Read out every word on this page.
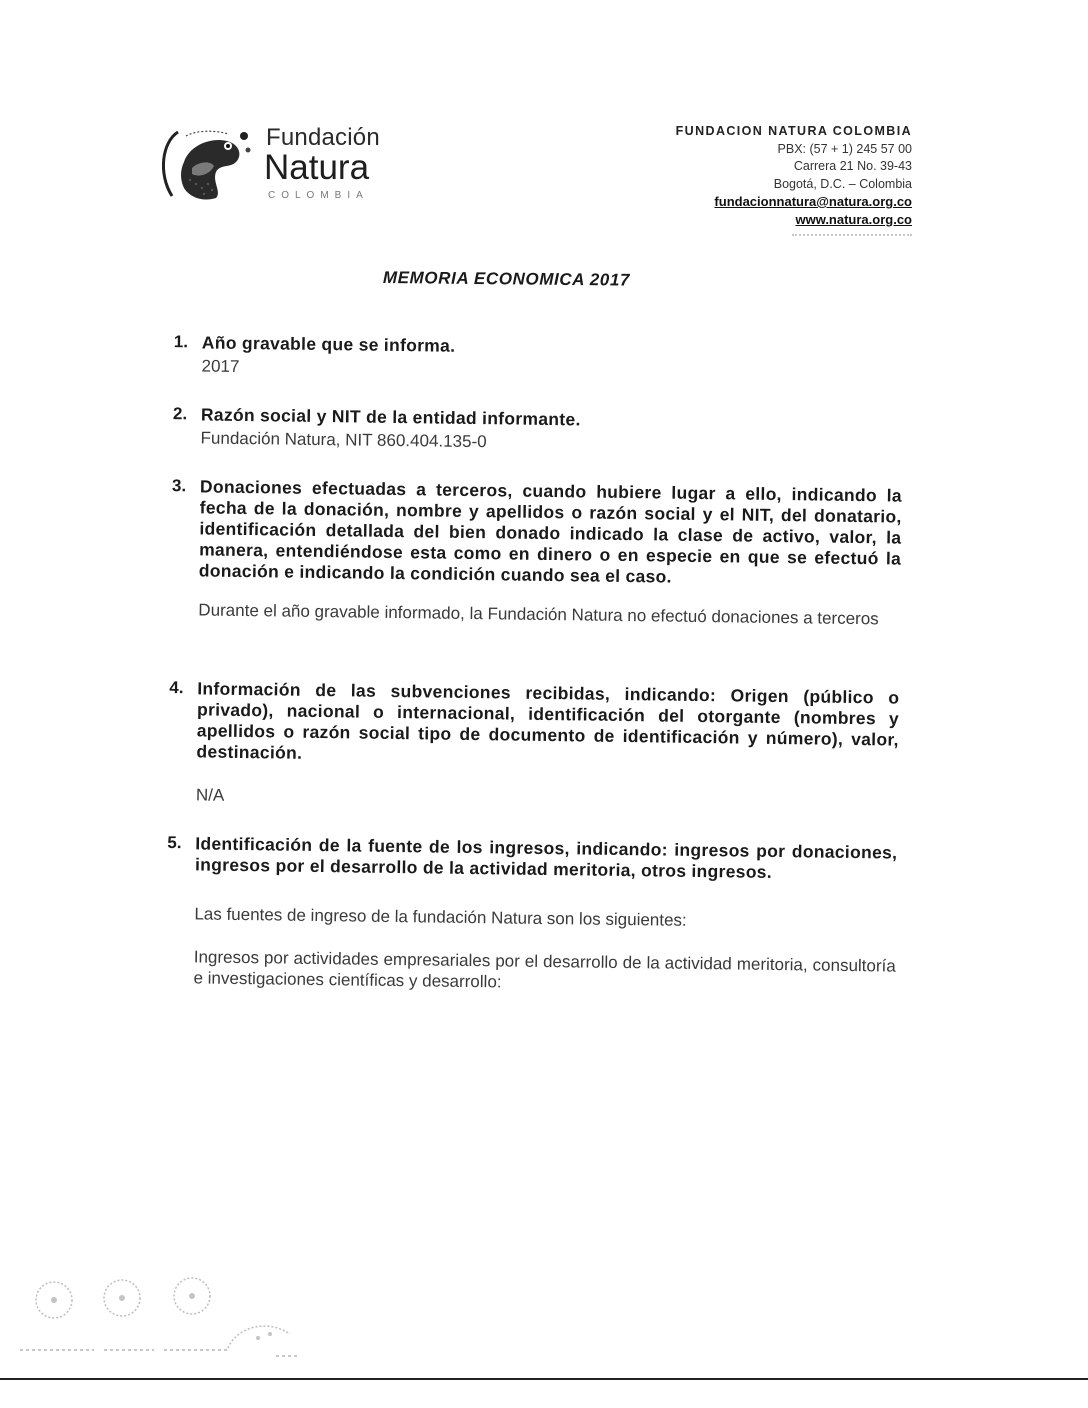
Fundación
Natura
COLOMBIA
FUNDACION NATURA COLOMBIA
PBX: (57 + 1) 245 57 00
Carrera 21 No. 39-43
Bogotá, D.C. – Colombia
fundacionnatura@natura.org.co
www.natura.org.co
MEMORIA ECONOMICA 2017
1. Año gravable que se informa.

2017

2. Razón social y NIT de la entidad informante.

Fundación Natura, NIT 860.404.135-0

3. Donaciones efectuadas a terceros, cuando hubiere lugar a ello, indicando la fecha de la donación, nombre y apellidos o razón social y el NIT, del donatario, identificación detallada del bien donado indicado la clase de activo, valor, la manera, entendiéndose esta como en dinero o en especie en que se efectuó la donación e indicando la condición cuando sea el caso.

Durante el año gravable informado, la Fundación Natura no efectuó donaciones a terceros

4. Información de las subvenciones recibidas, indicando: Origen (público o privado), nacional o internacional, identificación del otorgante (nombres y apellidos o razón social tipo de documento de identificación y número), valor, destinación.

N/A

5. Identificación de la fuente de los ingresos, indicando: ingresos por donaciones, ingresos por el desarrollo de la actividad meritoria, otros ingresos.

Las fuentes de ingreso de la fundación Natura son los siguientes:

Ingresos por actividades empresariales por el desarrollo de la actividad meritoria, consultoría e investigaciones científicas y desarrollo:
